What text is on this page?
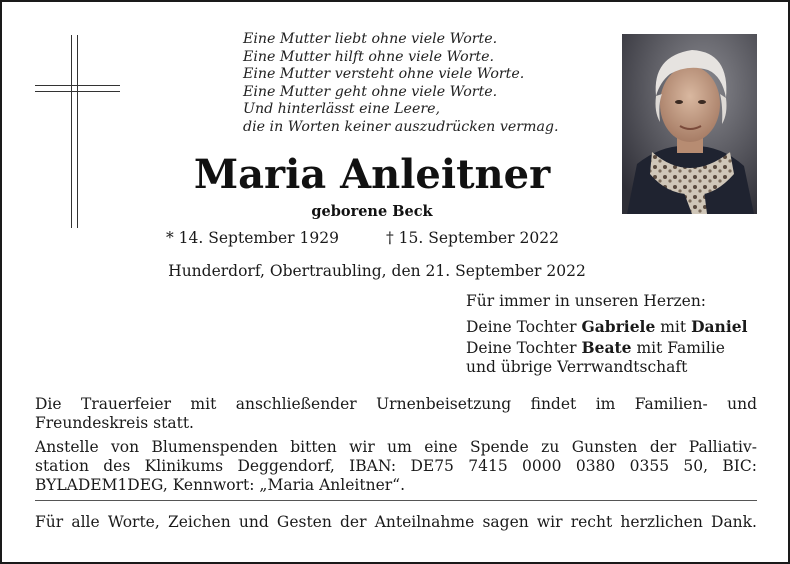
Eine Mutter liebt ohne viele Worte.
Eine Mutter hilft ohne viele Worte.
Eine Mutter versteht ohne viele Worte.
Eine Mutter geht ohne viele Worte.
Und hinterlässt eine Leere,
die in Worten keiner auszudrücken vermag.
Maria Anleitner
geborene Beck
* 14. September 1929	† 15. September 2022
Hunderdorf, Obertraubling, den 21. September 2022
Für immer in unseren Herzen:
Deine Tochter Gabriele mit Daniel
Deine Tochter Beate mit Familie
und übrige Verrwandtschaft
Die Trauerfeier mit anschließender Urnenbeisetzung findet im Familien- und
Freundeskreis statt.
Anstelle von Blumenspenden bitten wir um eine Spende zu Gunsten der Palliativ-
station des Klinikums Deggendorf, IBAN: DE75 7415 0000 0380 0355 50, BIC:
BYLADEM1DEG, Kennwort: „Maria Anleitner“.
Für alle Worte, Zeichen und Gesten der Anteilnahme sagen wir recht herzlichen Dank.
